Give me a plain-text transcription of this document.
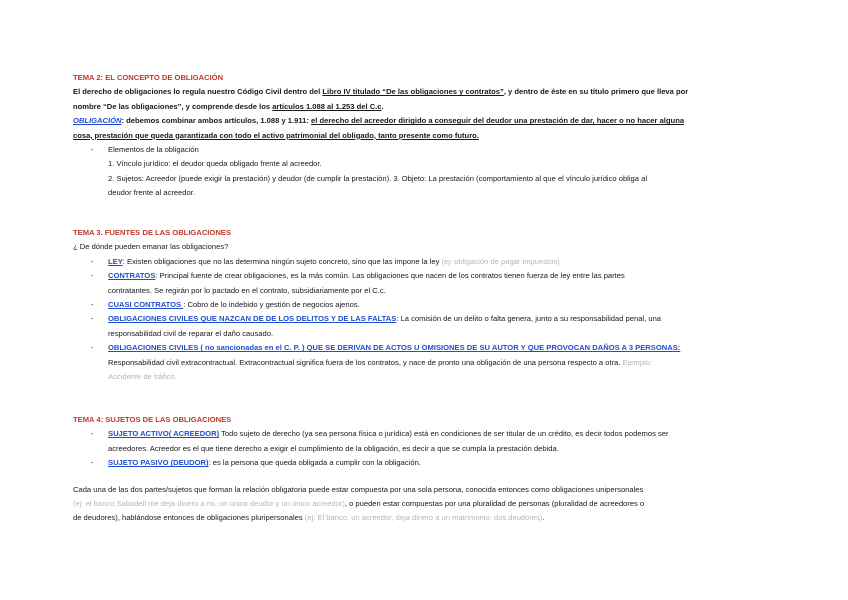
TEMA 2: EL CONCEPTO DE OBLIGACIÓN
El derecho de obligaciones lo regula nuestro Código Civil dentro del Libro IV titulado “De las obligaciones y contratos”, y dentro de éste en su título primero que lleva por
nombre “De las obligaciones”, y comprende desde los artículos 1.088 al 1.253 del C.c.
OBLIGACIÓN: debemos combinar ambos artículos, 1.088 y 1.911: el derecho del acreedor dirigido a conseguir del deudor una prestación de dar, hacer o no hacer alguna
cosa, prestación que queda garantizada con todo el activo patrimonial del obligado, tanto presente como futuro.
- Elementos de la obligación
1. Vínculo jurídico: el deudor queda obligado frente al acreedor.
2. Sujetos: Acreedor (puede exigir la prestación) y deudor (de cumplir la prestación). 3. Objeto: La prestación (comportamiento al que el vínculo jurídico obliga al
deudor frente al acreedor.
TEMA 3. FUENTES DE LAS OBLIGACIONES
¿ De dónde pueden emanar las obligaciones?
- LEY: Existen obligaciones que no las determina ningún sujeto concreto, sino que las impone la ley (ej: obligación de pagar impuestos)
- CONTRATOS: Principal fuente de crear obligaciones, es la más común. Las obligaciones que nacen de los contratos tienen fuerza de ley entre las partes
contratantes. Se regirán por lo pactado en el contrato, subsidiariamente por el C.c.
- CUASI CONTRATOS : Cobro de lo indebido y gestión de negocios ajenos.
- OBLIGACIONES CIVILES QUE NAZCAN DE DE LOS DELITOS Y DE LAS FALTAS: La comisión de un delito o falta genera, junto a su responsabilidad penal, una
responsabilidad civil de reparar el daño causado.
- OBLIGACIONES CIVILES ( no sancionadas en el C. P. ) QUE SE DERIVAN DE ACTOS U OMISIONES DE SU AUTOR Y QUE PROVOCAN DAÑOS A 3 PERSONAS:
Responsabilidad civil extracontractual. Extracontractual significa fuera de los contratos, y nace de pronto una obligación de una persona respecto a otra. Ejemplo:
Accidente de tráfico.
TEMA 4: SUJETOS DE LAS OBLIGACIONES
- SUJETO ACTIVO( ACREEDOR) Todo sujeto de derecho (ya sea persona física o jurídica) está en condiciones de ser titular de un crédito, es decir todos podemos ser
acreedores. Acreedor es el que tiene derecho a exigir el cumplimiento de la obligación, es decir a que se cumpla la prestación debida.
- SUJETO PASIVO (DEUDOR): es la persona que queda obligada a cumplir con la obligación.
Cada una de las dos partes/sujetos que forman la relación obligatoria puede estar compuesta por una sola persona, conocida entonces como obligaciones unipersonales
(ej: el banco Sabadell me deja dinero a mi, un único deudor y un único acreedor), o pueden estar compuestas por una pluralidad de personas (pluralidad de acreedores o
de deudores), hablándose entonces de obligaciones pluripersonales (ej: El banco, un acreedor, deja dinero a un matrimonio, dos deudores).
